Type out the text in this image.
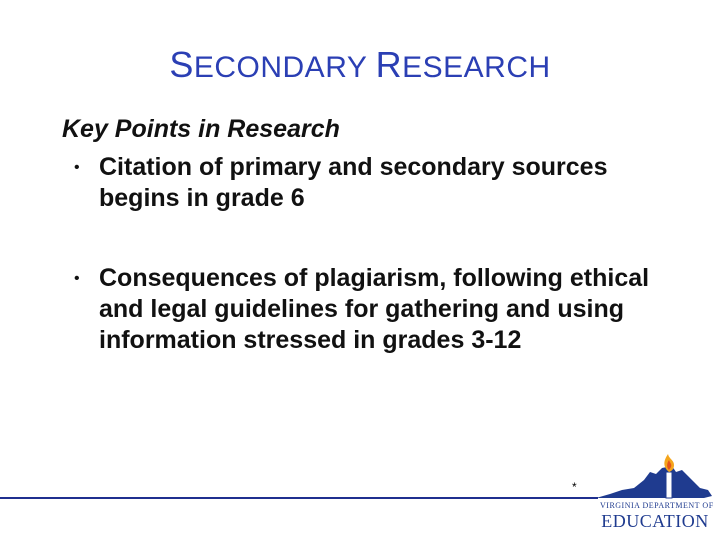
SECONDARY RESEARCH
Key Points in Research
• Citation of primary and secondary sources begins in grade 6
• Consequences of plagiarism, following ethical and legal guidelines for gathering and using information stressed in grades 3-12
*
VIRGINIA DEPARTMENT OF
EDUCATION
